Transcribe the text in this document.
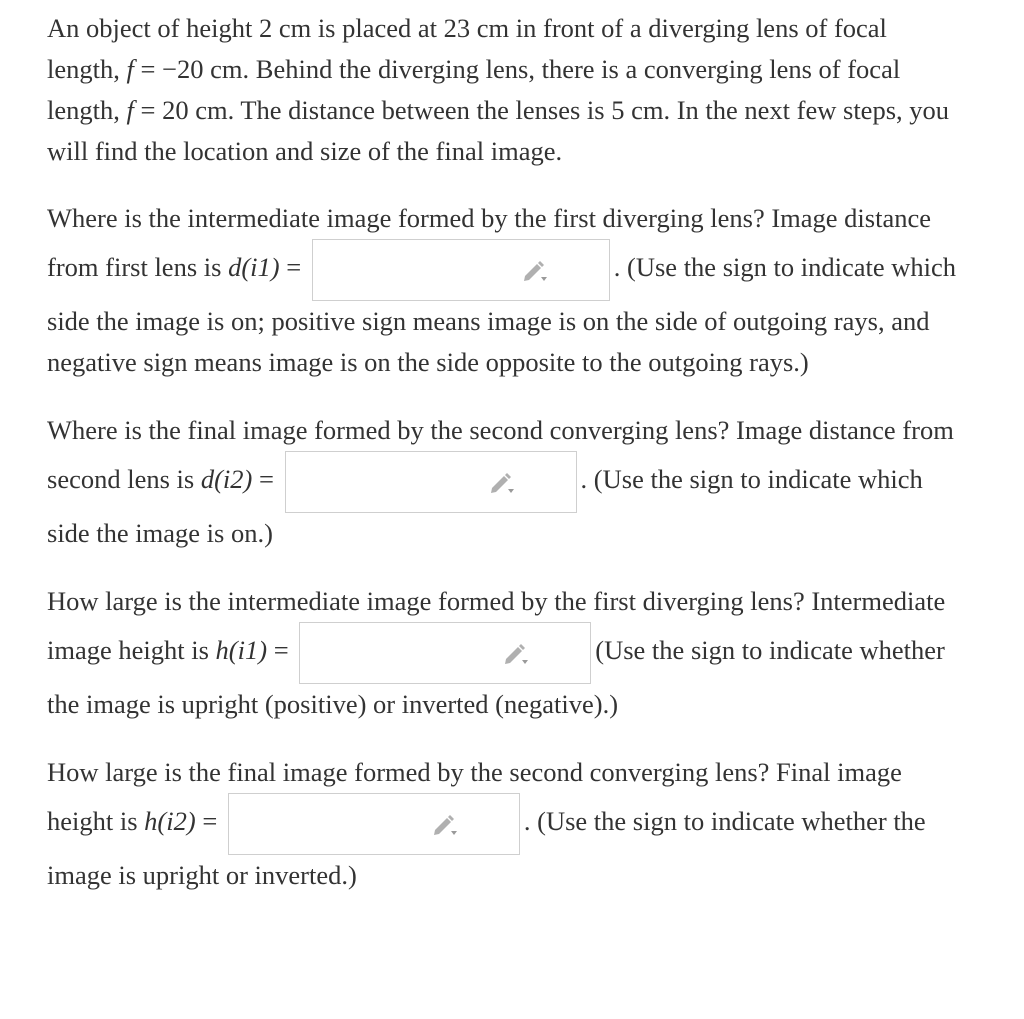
An object of height 2 cm is placed at 23 cm in front of a diverging lens of focal length, f = −20 cm. Behind the diverging lens, there is a converging lens of focal length, f = 20 cm. The distance between the lenses is 5 cm. In the next few steps, you will find the location and size of the final image.

Where is the intermediate image formed by the first diverging lens? Image distance from first lens is d(i1) =	. (Use the sign to indicate which side the image is on; positive sign means image is on the side of outgoing rays, and negative sign means image is on the side opposite to the outgoing rays.)

Where is the final image formed by the second converging lens? Image distance from second lens is d(i2) =	. (Use the sign to indicate which side the image is on.)

How large is the intermediate image formed by the first diverging lens? Intermediate image height is h(i1) =	(Use the sign to indicate whether the image is upright (positive) or inverted (negative).)

How large is the final image formed by the second converging lens? Final image height is h(i2) =	. (Use the sign to indicate whether the image is upright or inverted.)
